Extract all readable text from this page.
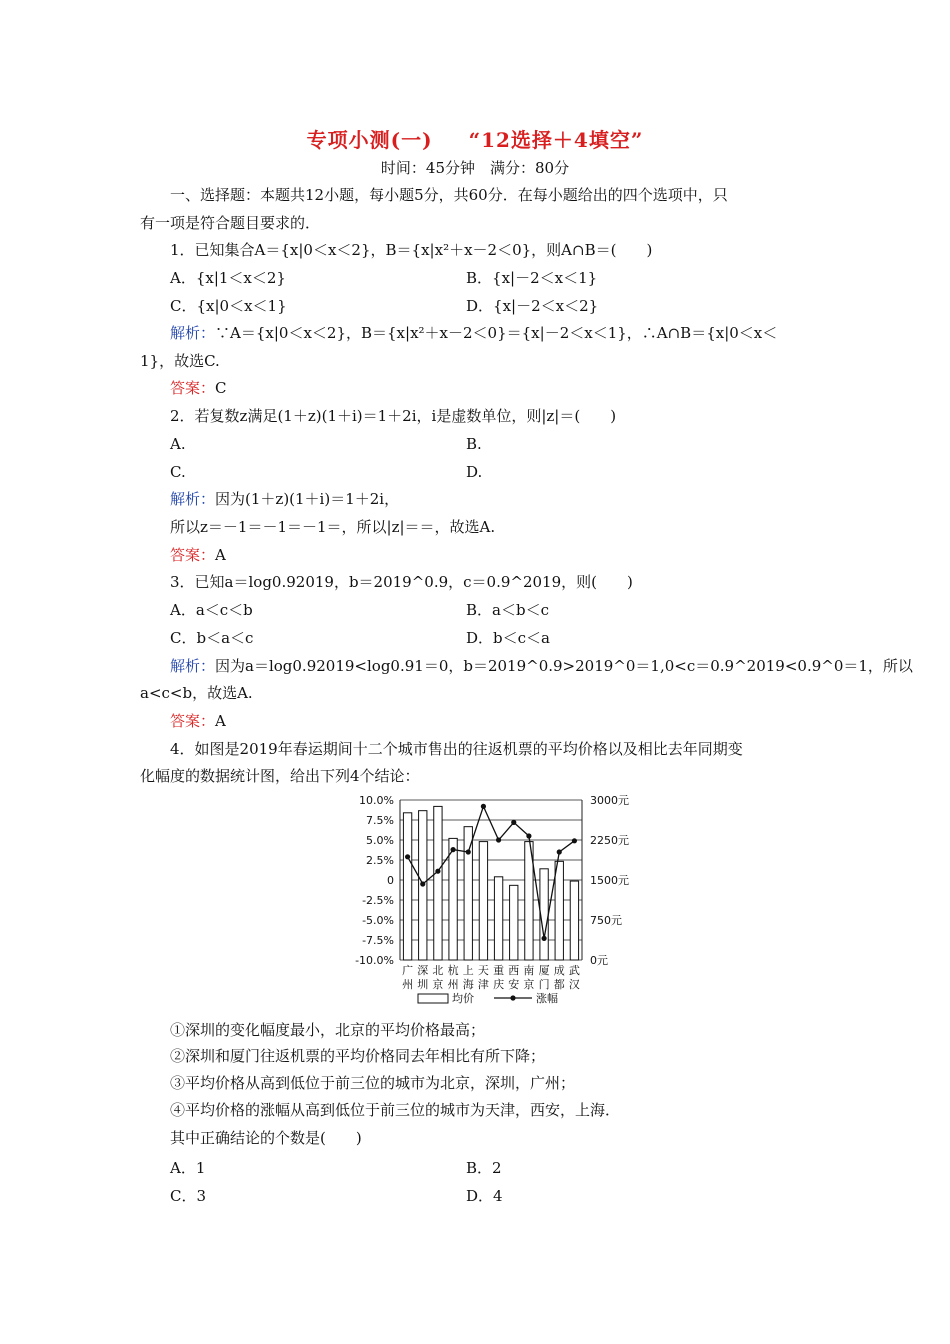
专项小测(一) “12选择＋4填空”
时间：45分钟　满分：80分
一、选择题：本题共12小题，每小题5分，共60分．在每小题给出的四个选项中，只
有一项是符合题目要求的．
1．已知集合A＝{x|0＜x＜2}，B＝{x|x²＋x－2＜0}，则A∩B＝(　　)
A．{x|1＜x＜2}	B．{x|－2＜x＜1}
C．{x|0＜x＜1}	D．{x|－2＜x＜2}
解析：∵A＝{x|0＜x＜2}，B＝{x|x²＋x－2＜0}＝{x|－2＜x＜1}，∴A∩B＝{x|0＜x＜
1}，故选C.
答案：C
2．若复数z满足(1＋z)(1＋i)＝1＋2i，i是虚数单位，则|z|＝(　　)
A.	B.
C.	D.
解析：因为(1＋z)(1＋i)＝1＋2i，
所以z＝－1＝－1＝－1＝，所以|z|＝＝，故选A.
答案：A
3．已知a＝log0.92019，b＝2019^0.9，c＝0.9^2019，则(　　)
A．a＜c＜b	B．a＜b＜c
C．b＜a＜c	D．b＜c＜a
解析：因为a＝log0.92019<log0.91＝0，b＝2019^0.9>2019^0＝1,0<c＝0.9^2019<0.9^0＝1，所以
a<c<b，故选A.
答案：A
4．如图是2019年春运期间十二个城市售出的往返机票的平均价格以及相比去年同期变
化幅度的数据统计图，给出下列4个结论：
10.0%
7.5%
5.0%
2.5%
0
-2.5%
-5.0%
-7.5%
-10.0%
3000元
2250元
1500元
750元
0元
广
州
深
圳
北
京
杭
州
上
海
天
津
重
庆
西
安
南
京
厦
门
成
都
武
汉
均价	涨幅
①深圳的变化幅度最小，北京的平均价格最高；
②深圳和厦门往返机票的平均价格同去年相比有所下降；
③平均价格从高到低位于前三位的城市为北京，深圳，广州；
④平均价格的涨幅从高到低位于前三位的城市为天津，西安，上海．
其中正确结论的个数是(　　)
A．1	B．2
C．3	D．4
